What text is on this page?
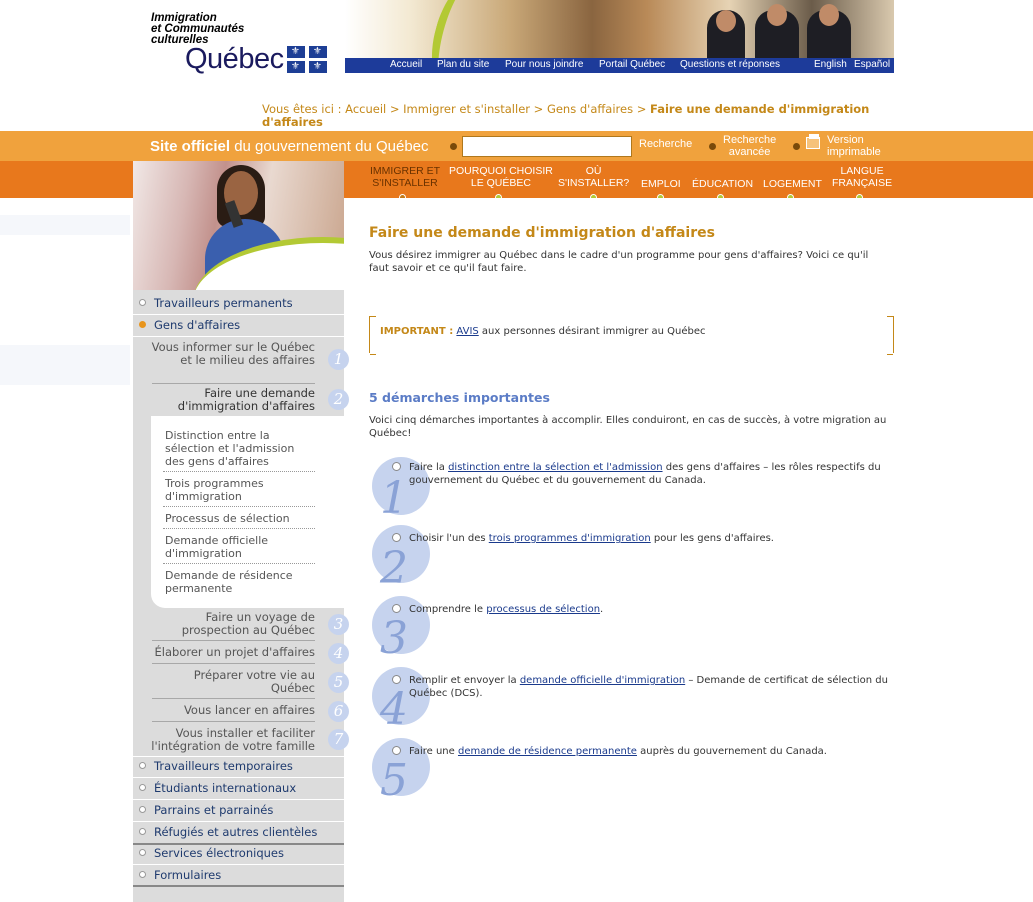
Immigration
et Communautés
culturelles
Québec ⚜ ⚜
⚜ ⚜	Accueil Plan du site Pour nous joindre Portail Québec Questions et réponses	English Español
Vous êtes ici : Accueil > Immigrer et s'installer > Gens d'affaires > Faire une demande d'immigration d'affaires
Site officiel du gouvernement du Québec	Recherche	Recherche
avancée
Version
imprimable
IMMIGRER ET
S'INSTALLER
POURQUOI CHOISIR
LE QUÉBEC
OÙ
S'INSTALLER? EMPLOI ÉDUCATION LOGEMENT
LANGUE
FRANÇAISE
Travailleurs permanents
Gens d'affaires
Vous informer sur le Québec et le milieu des affaires	1
Faire une demande d'immigration d'affaires	2
Distinction entre la sélection et l'admission des gens d'affaires
Trois programmes d'immigration
Processus de sélection
Demande officielle d'immigration
Demande de résidence permanente
Faire un voyage de prospection au Québec	3
Élaborer un projet d'affaires	4
Préparer votre vie au Québec	5
Vous lancer en affaires	6
Vous installer et faciliter l'intégration de votre famille	7
Travailleurs temporaires
Étudiants internationaux
Parrains et parrainés
Réfugiés et autres clientèles
Services électroniques
Formulaires
Faire une demande d'immigration d'affaires
Vous désirez immigrer au Québec dans le cadre d'un programme pour gens d'affaires? Voici ce qu'il faut savoir et ce qu'il faut faire.
IMPORTANT : AVIS aux personnes désirant immigrer au Québec
5 démarches importantes
Voici cinq démarches importantes à accomplir. Elles conduiront, en cas de succès, à votre migration au Québec!
1
Faire la distinction entre la sélection et l'admission des gens d'affaires – les rôles respectifs du gouvernement du Québec et du gouvernement du Canada.
2
Choisir l'un des trois programmes d'immigration pour les gens d'affaires.
3
Comprendre le processus de sélection.
4
Remplir et envoyer la demande officielle d'immigration – Demande de certificat de sélection du Québec (DCS).
5
Faire une demande de résidence permanente auprès du gouvernement du Canada.
